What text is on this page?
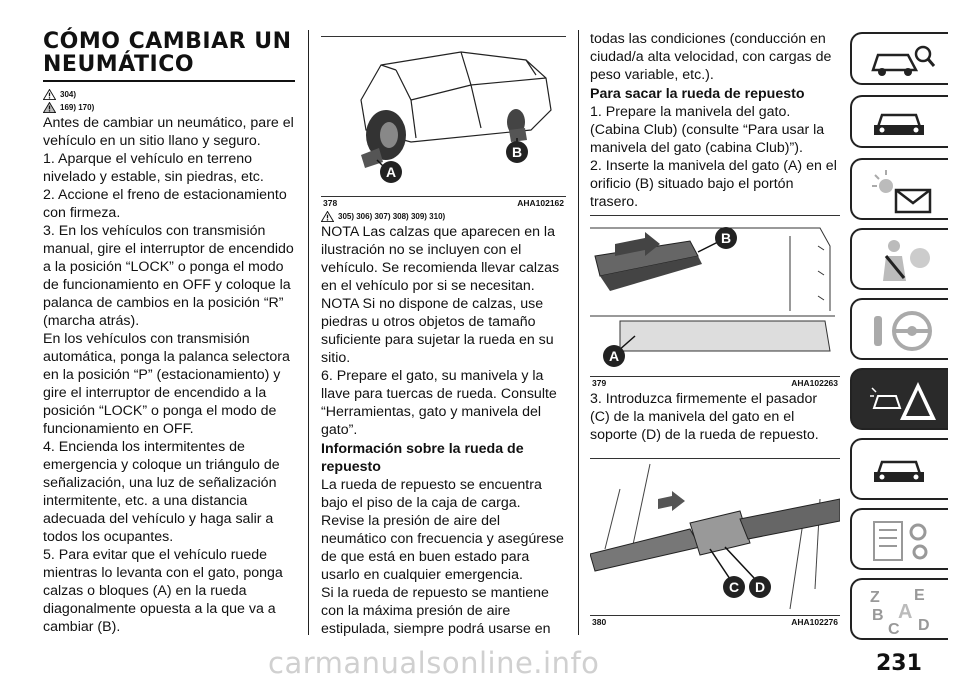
CÓMO CAMBIAR UN
NEUMÁTICO
304)
169) 170)

Antes de cambiar un neumático, pare el vehículo en un sitio llano y seguro.

1. Aparque el vehículo en terreno nivelado y estable, sin piedras, etc.

2. Accione el freno de estacionamiento con firmeza.

3. En los vehículos con transmisión manual, gire el interruptor de encendido a la posición “LOCK” o ponga el modo de funcionamiento en OFF y coloque la palanca de cambios en la posición “R” (marcha atrás).

En los vehículos con transmisión automática, ponga la palanca selectora en la posición “P” (estacionamiento) y gire el interruptor de encendido a la posición “LOCK” o ponga el modo de funcionamiento en OFF.

4. Encienda los intermitentes de emergencia y coloque un triángulo de señalización, una luz de señalización intermitente, etc. a una distancia adecuada del vehículo y haga salir a todos los ocupantes.

5. Para evitar que el vehículo ruede mientras lo levanta con el gato, ponga calzas o bloques (A) en la rueda diagonalmente opuesta a la que va a cambiar (B).

A
B
378	AHA102162
305) 306) 307) 308) 309) 310)

NOTA Las calzas que aparecen en la ilustración no se incluyen con el vehículo. Se recomienda llevar calzas en el vehículo por si se necesitan.

NOTA Si no dispone de calzas, use piedras u otros objetos de tamaño suficiente para sujetar la rueda en su sitio.

6. Prepare el gato, su manivela y la llave para tuercas de rueda. Consulte “Herramientas, gato y manivela del gato”.

Información sobre la rueda de repuesto

La rueda de repuesto se encuentra bajo el piso de la caja de carga. Revise la presión de aire del neumático con frecuencia y asegúrese de que está en buen estado para usarlo en cualquier emergencia.

Si la rueda de repuesto se mantiene con la máxima presión de aire estipulada, siempre podrá usarse en

todas las condiciones (conducción en ciudad/a alta velocidad, con cargas de peso variable, etc.).

Para sacar la rueda de repuesto

1. Prepare la manivela del gato. (Cabina Club) (consulte “Para usar la manivela del gato (cabina Club)”).

2. Inserte la manivela del gato (A) en el orificio (B) situado bajo el portón trasero.

B
A
379	AHA102263

3. Introduzca firmemente el pasador (C) de la manivela del gato en el soporte (D) de la rueda de repuesto.

C D
380	AHA102276
Z E
B A
C D
carmanualsonline.info	231
